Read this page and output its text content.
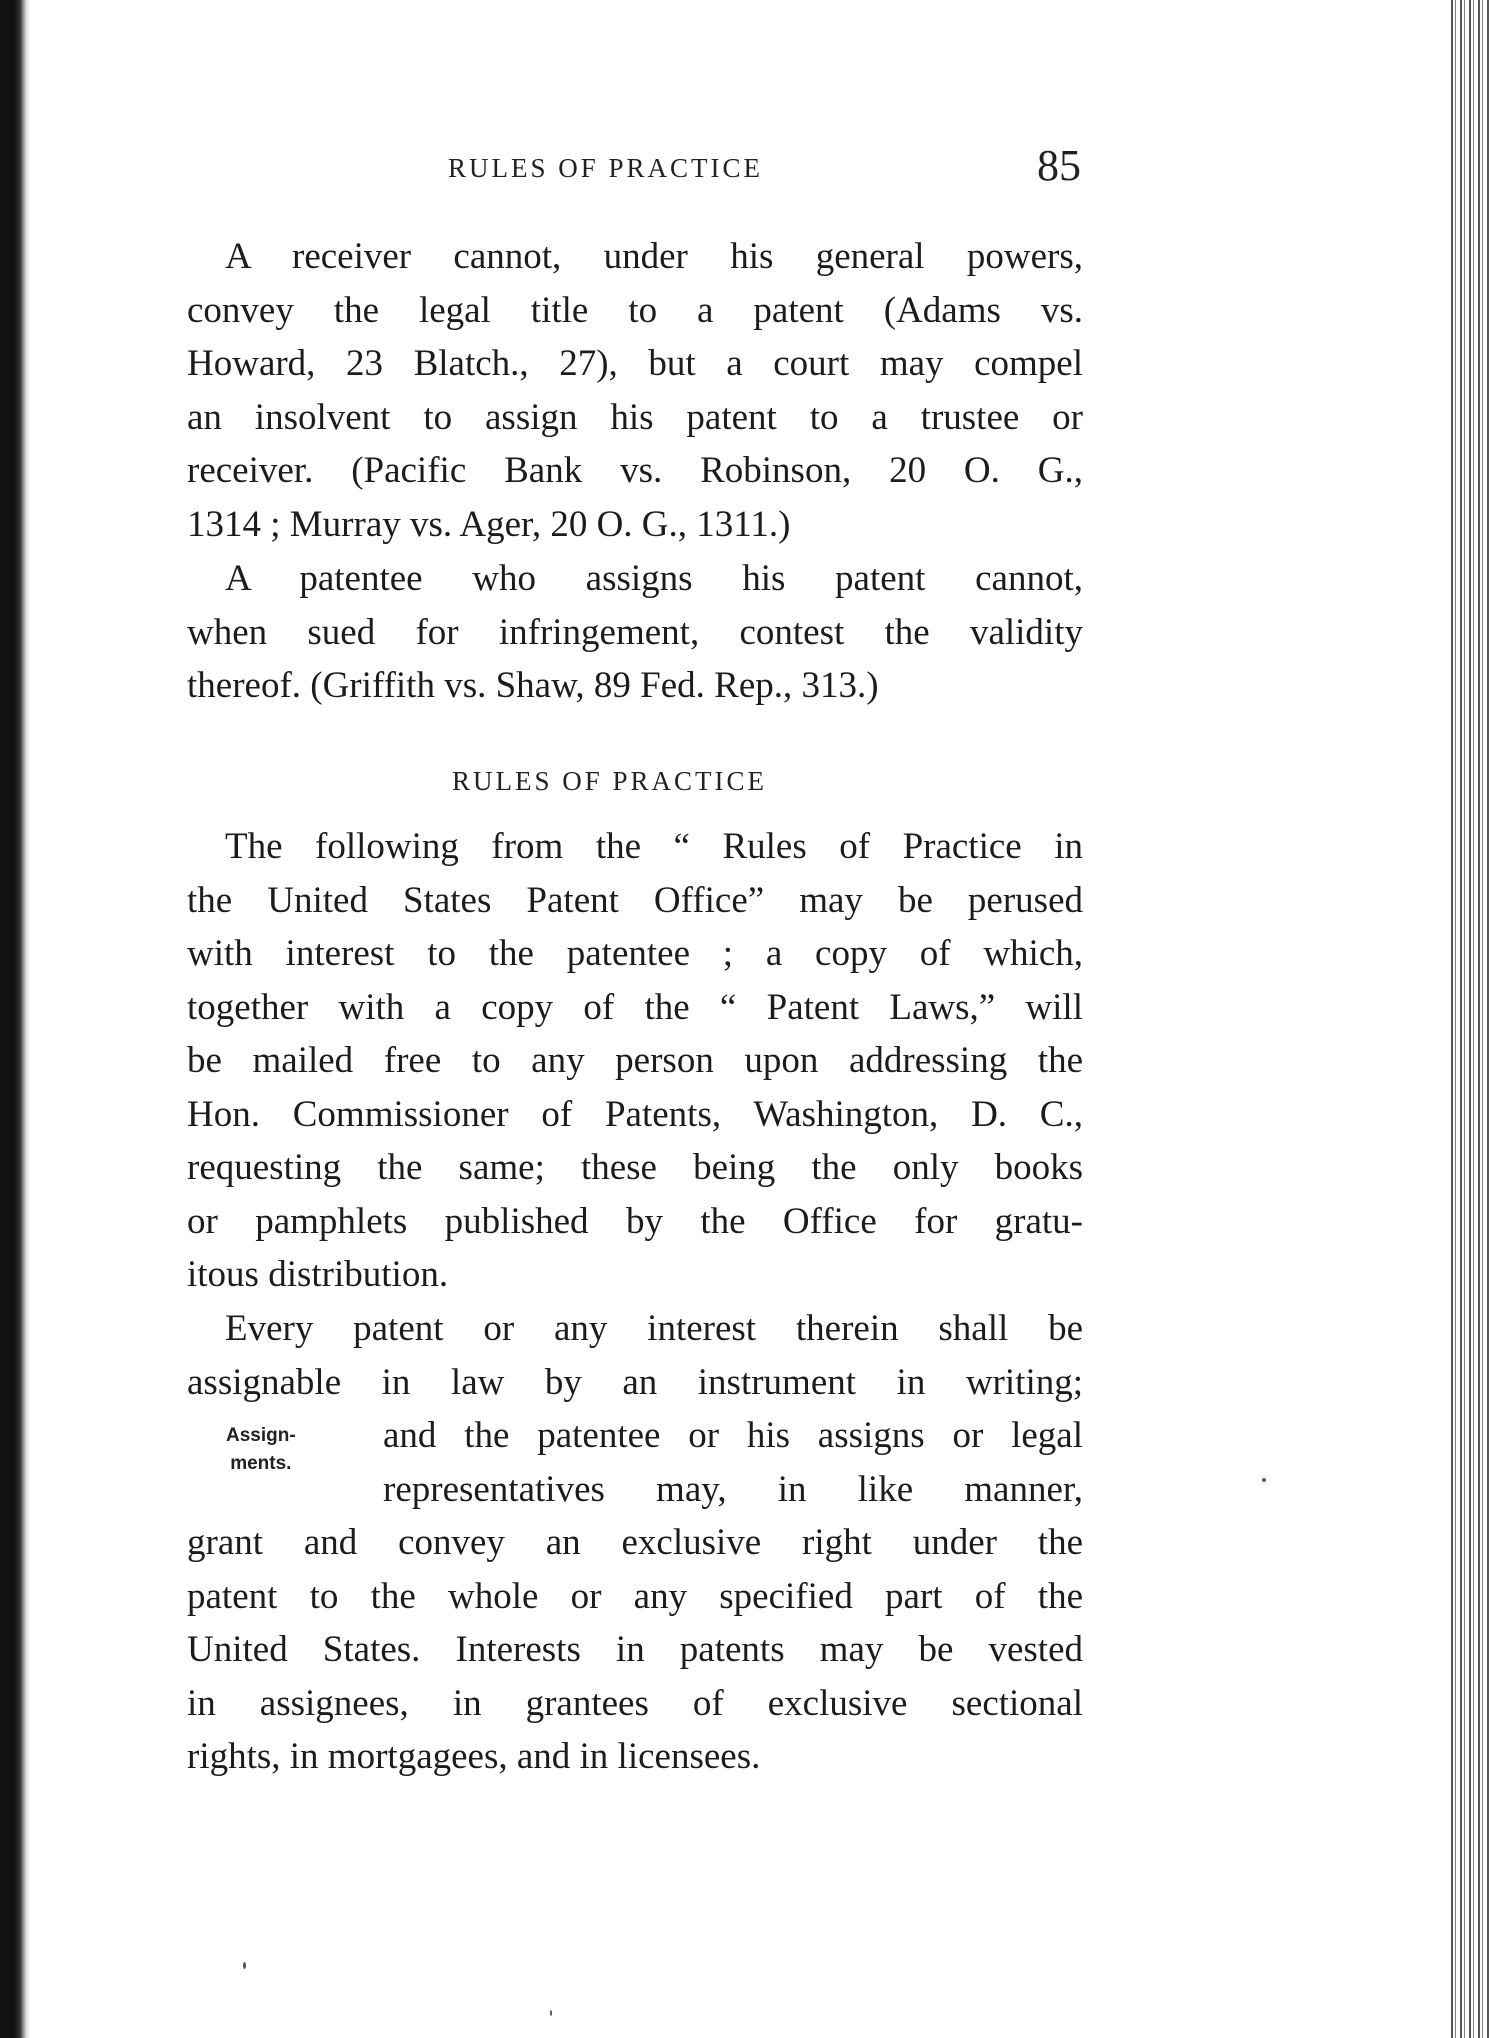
RULES OF PRACTICE	85
A receiver cannot, under his general powers,
convey the legal title to a patent (Adams vs.
Howard, 23 Blatch., 27), but a court may compel
an insolvent to assign his patent to a trustee or
receiver. (Pacific Bank vs. Robinson, 20 O. G.,
1314 ; Murray vs. Ager, 20 O. G., 1311.)
A patentee who assigns his patent cannot,
when sued for infringement, contest the validity
thereof. (Griffith vs. Shaw, 89 Fed. Rep., 313.)
RULES OF PRACTICE
The following from the “ Rules of Practice in
the United States Patent Office” may be perused
with interest to the patentee ; a copy of which,
together with a copy of the “ Patent Laws,” will
be mailed free to any person upon addressing the
Hon. Commissioner of Patents, Washington, D. C.,
requesting the same; these being the only books
or pamphlets published by the Office for gratu-
itous distribution.
Every patent or any interest therein shall be
assignable in law by an instrument in writing;
and the patentee or his assigns or legal
representatives may, in like manner,
grant and convey an exclusive right under the
patent to the whole or any specified part of the
United States. Interests in patents may be vested
in assignees, in grantees of exclusive sectional
rights, in mortgagees, and in licensees.
Assign-
ments.
